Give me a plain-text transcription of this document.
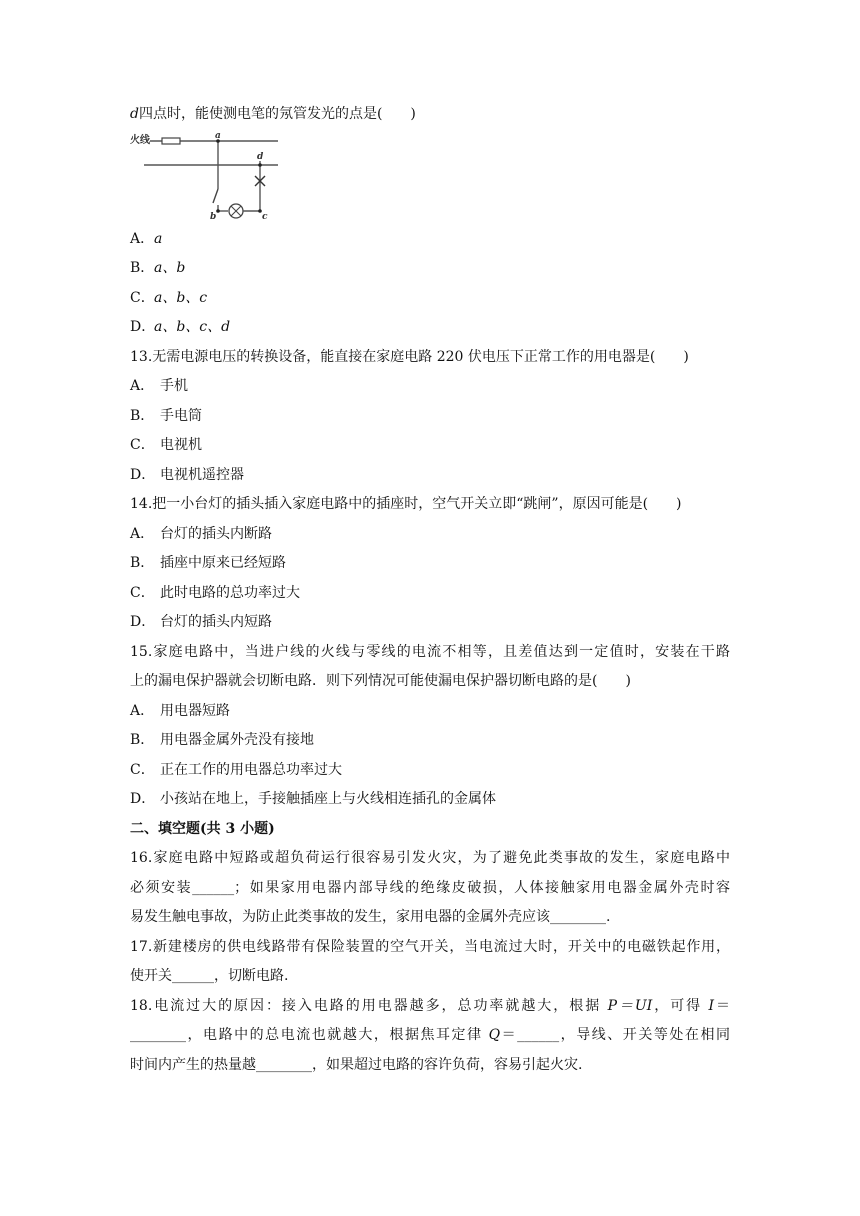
d四点时，能使测电笔的氖管发光的点是(　　)
火线	a
b	c
d
A．a
B．a、b
C．a、b、c
D．a、b、c、d
13.无需电源电压的转换设备，能直接在家庭电路 220 伏电压下正常工作的用电器是(　　)
A． 手机
B． 手电筒
C． 电视机
D． 电视机遥控器
14.把一小台灯的插头插入家庭电路中的插座时，空气开关立即“跳闸”，原因可能是(　　)
A． 台灯的插头内断路
B． 插座中原来已经短路
C． 此时电路的总功率过大
D． 台灯的插头内短路
15.家庭电路中，当进户线的火线与零线的电流不相等，且差值达到一定值时，安装在干路
上的漏电保护器就会切断电路．则下列情况可能使漏电保护器切断电路的是(　　)
A． 用电器短路
B． 用电器金属外壳没有接地
C． 正在工作的用电器总功率过大
D． 小孩站在地上，手接触插座上与火线相连插孔的金属体
二、填空题(共 3 小题)
16.家庭电路中短路或超负荷运行很容易引发火灾，为了避免此类事故的发生，家庭电路中
必须安装______；如果家用电器内部导线的绝缘皮破损，人体接触家用电器金属外壳时容
易发生触电事故，为防止此类事故的发生，家用电器的金属外壳应该________.
17.新建楼房的供电线路带有保险装置的空气开关，当电流过大时，开关中的电磁铁起作用，
使开关______，切断电路.
18.电流过大的原因：接入电路的用电器越多，总功率就越大，根据 P＝UI，可得 I＝
________，电路中的总电流也就越大，根据焦耳定律 Q＝______，导线、开关等处在相同
时间内产生的热量越________，如果超过电路的容许负荷，容易引起火灾.
